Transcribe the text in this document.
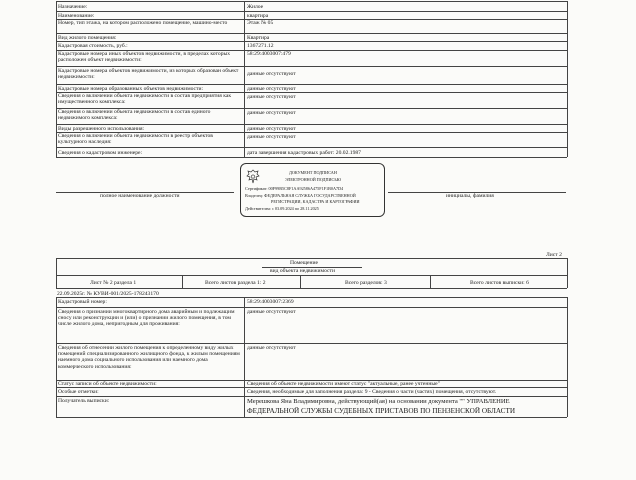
Назначение:	Жилое
Наименование:	квартира
Номер, тип этажа, на котором расположено помещение, машино-место	Этаж № 05
Вид жилого помещения:	Квартира
Кадастровая стоимость, руб.:	1367271.12
Кадастровые номера иных объектов недвижимости, в пределах которых расположен объект недвижимости:
58:29:4003007:479
Кадастровые номера объектов недвижимости, из которых образован объект недвижимости:
данные отсутствуют
Кадастровые номера образованных объектов недвижимости:	данные отсутствуют
Сведения о включении объекта недвижимости в состав предприятия как имущественного комплекса:
данные отсутствуют
Сведения о включении объекта недвижимости в состав единого недвижимого комплекса:
данные отсутствуют
Виды разрешенного использования:	данные отсутствуют
Сведения о включении объекта недвижимости в реестр объектов культурного наследия:
данные отсутствуют
Сведения о кадастровом инженере:	дата завершения кадастровых работ: 20.02.1987
полное наименование должности	инициалы, фамилия
ДОКУМЕНТ ПОДПИСАН
ЭЛЕКТРОННОЙ ПОДПИСЬЮ
Сертификат: 00F99B5С8F1AA92586A475F1F1B0A7D4
Владелец: ФЕДЕРАЛЬНАЯ СЛУЖБА ГОСУДАРСТВЕННОЙ
РЕГИСТРАЦИИ, КАДАСТРА И КАРТОГРАФИИ
Действителен: с 03.09.2024 по 28.11.2025
Лист 2
Помещение
вид объекта недвижимости
Лист № 2 раздела 1	Всего листов раздела 1: 2	Всего разделов: 3	Всего листов выписки: 6
22.09.2025г. № КУВИ-001/2025-178243170
Кадастровый номер:	58:29:4003007:2369
Сведения о признании многоквартирного дома аварийным и подлежащим сносу или реконструкции и (или) о признании жилого помещения, в том числе жилого дома, непригодным для проживания:
данные отсутствуют
Сведения об отнесении жилого помещения к определенному виду жилых помещений специализированного жилищного фонда, к жилым помещениям наемного дома социального использования или наемного дома коммерческого использования:
данные отсутствуют
Статус записи об объекте недвижимости:	Сведения об объекте недвижимости имеют статус "актуальные, ранее учтенные"
Особые отметки:	Сведения, необходимые для заполнения раздела: 9 - Сведения о части (частях) помещения, отсутствуют.
Получатель выписки:	Мерешкова Яна Владимировна, действующий(ая) на основании документа "" УПРАВЛЕНИЕ
ФЕДЕРАЛЬНОЙ СЛУЖБЫ СУДЕБНЫХ ПРИСТАВОВ ПО ПЕНЗЕНСКОЙ ОБЛАСТИ
